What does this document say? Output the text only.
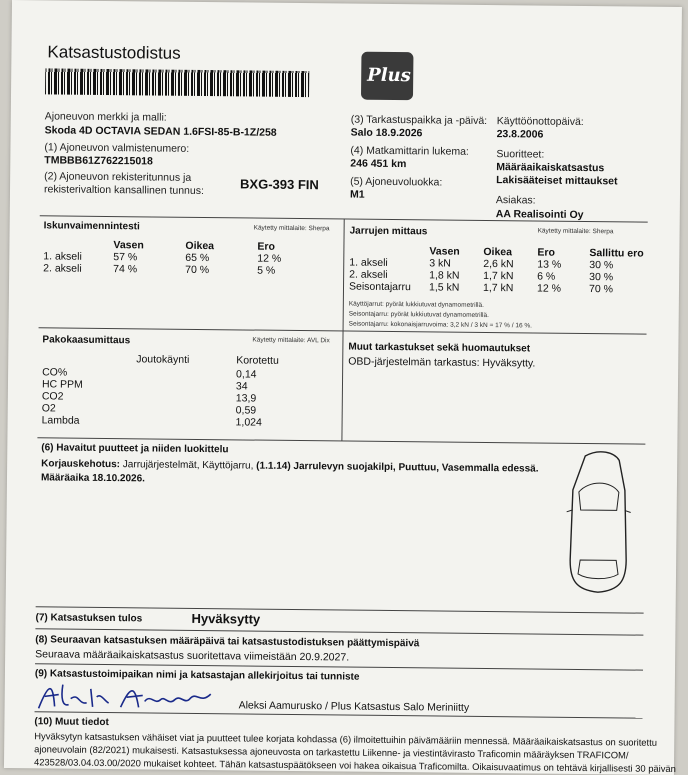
Katsastustodistus
Plus
Ajoneuvon merkki ja malli:
Skoda 4D OCTAVIA SEDAN 1.6FSI-85-B-1Z/258
(1) Ajoneuvon valmistenumero:
TMBBB61Z762215018
(2) Ajoneuvon rekisteritunnus ja
rekisterivaltion kansallinen tunnus:	BXG-393 FIN
(3) Tarkastuspaikka ja -päivä:
Salo 18.9.2026
(4) Matkamittarin lukema:
246 451 km
(5) Ajoneuvoluokka:
M1
Käyttöönottopäivä:
23.8.2006
Suoritteet:
Määräaikaiskatsastus
Lakisääteiset mittaukset
Asiakas:
AA Realisointi Oy
Iskunvaimennintesti	Käytetty mittalaite: Sherpa
	Vasen	Oikea	Ero
1. akseli	57 %	65 %	12 %
2. akseli	74 %	70 %	5 %
Jarrujen mittaus	Käytetty mittalaite: Sherpa
	Vasen	Oikea	Ero	Sallittu ero
1. akseli	3 kN	2,6 kN	13 %	30 %
2. akseli	1,8 kN	1,7 kN	6 %	30 %
Seisontajarru	1,5 kN	1,7 kN	12 %	70 %
Käyttöjarrut: pyörät lukkiutuvat dynamometrillä.
Seisontajarru: pyörät lukkiutuvat dynamometrillä.
Seisontajarru: kokonaisjarruvoima: 3,2 kN / 3 kN = 17 % / 16 %.
Pakokaasumittaus	Käytetty mittalaite: AVL Dix
Joutokäynti	Korotettu
CO%	0,14
HC PPM	34
CO2	13,9
O2	0,59
Lambda	1,024
Muut tarkastukset sekä huomautukset
OBD-järjestelmän tarkastus: Hyväksytty.
(6) Havaitut puutteet ja niiden luokittelu
Korjauskehotus: Jarrujärjestelmät, Käyttöjarru, (1.1.14) Jarrulevyn suojakilpi, Puuttuu, Vasemmalla edessä.
Määräaika 18.10.2026.
(7) Katsastuksen tulos	Hyväksytty
(8) Seuraavan katsastuksen määräpäivä tai katsastustodistuksen päättymispäivä
Seuraava määräaikaiskatsastus suoritettava viimeistään 20.9.2027.
(9) Katsastustoimipaikan nimi ja katsastajan allekirjoitus tai tunniste
Aleksi Aamurusko / Plus Katsastus Salo Meriniitty
(10) Muut tiedot
Hyväksytyn katsastuksen vähäiset viat ja puutteet tulee korjata kohdassa (6) ilmoitettuihin päivämääriin mennessä. Määräaikaiskatsastus on suoritettu
ajoneuvolain (82/2021) mukaisesti. Katsastuksessa ajoneuvosta on tarkastettu Liikenne- ja viestintävirasto Traficomin määräyksen TRAFICOM/
423528/03.04.03.00/2020 mukaiset kohteet. Tähän katsastuspäätökseen voi hakea oikaisua Traficomilta. Oikaisuvaatimus on tehtävä kirjallisesti 30 päivän
